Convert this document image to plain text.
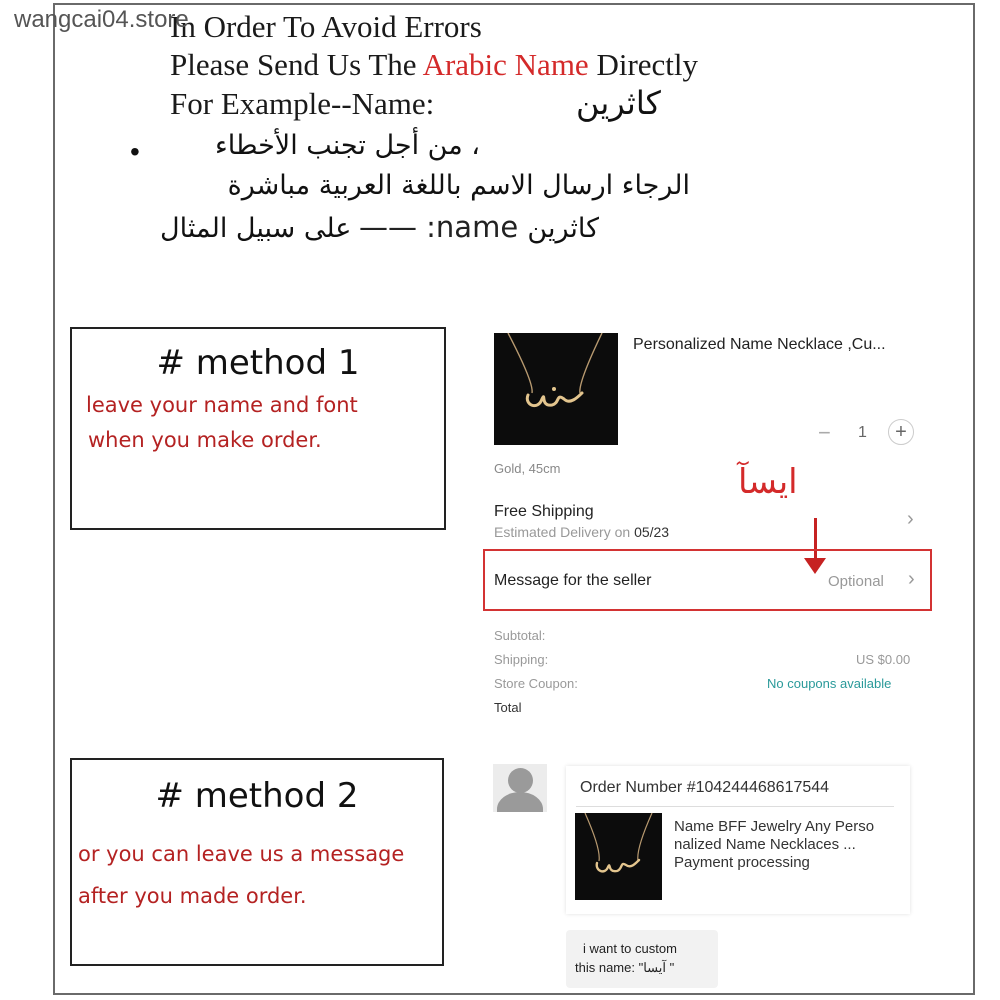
wangcai04.store
In Order To Avoid Errors
Please Send Us The Arabic Name Directly
For Example--Name:	كاثرين
•	، من أجل تجنب الأخطاء
الرجاء ارسال الاسم باللغة العربية مباشرة
على سبيل المثال —— :name كاثرين
# method 1
leave your name and font
when you make order.
# method 2
or you can leave us a message
after you made order.
Personalized Name Necklace ,Cu...
− 1	+
Gold, 45cm	ايسآ
Free Shipping
Estimated Delivery on 05/23
›
Message for the seller	Optional ›
Subtotal:
Shipping:	US $0.00
Store Coupon:	No coupons available
Total
Order Number #104244468617544
Name BFF Jewelry Any Perso
nalized Name Necklaces ...
Payment processing
i want to custom
this name: "آيسا "
